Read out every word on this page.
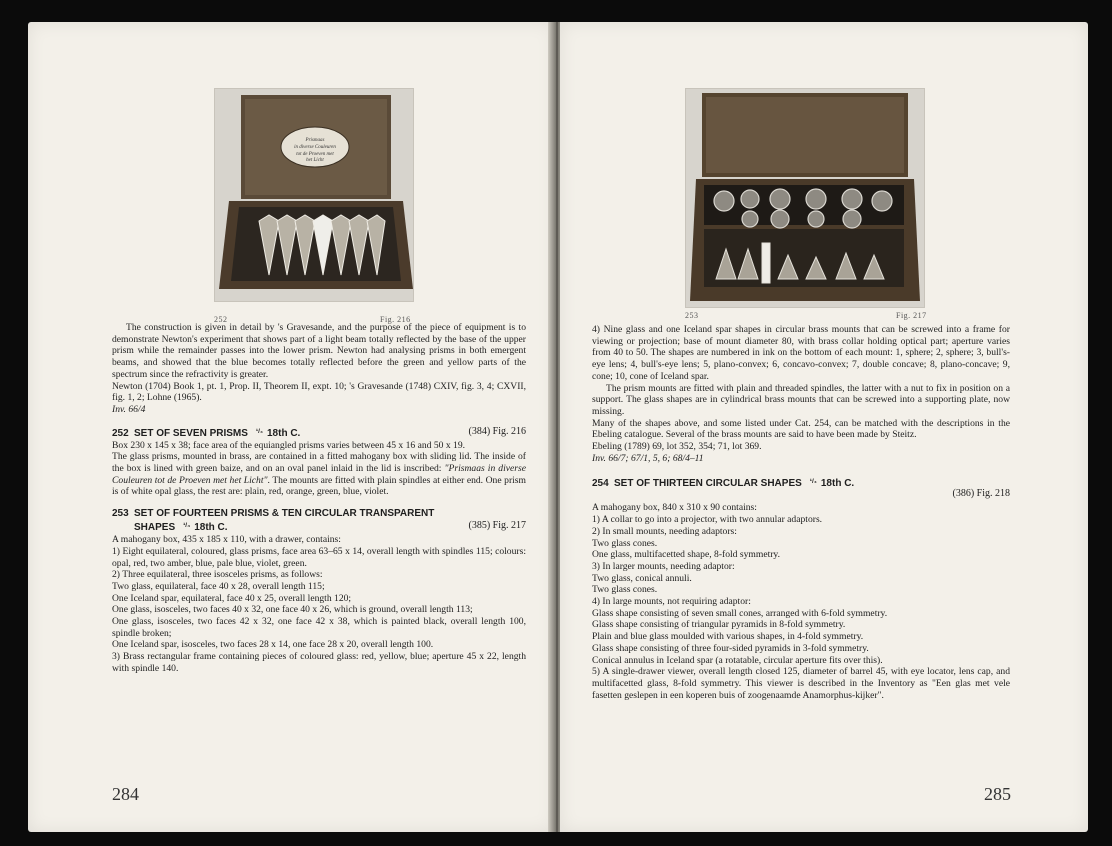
Prismaas
in diverse Couleuren
tot de Proeven met
het Licht
252	Fig. 216

The construction is given in detail by 's Gravesande, and the purpose of the piece of equipment is to demonstrate Newton's experiment that shows part of a light beam totally reflected by the base of the upper prism while the remainder passes into the lower prism. Newton had analysing prisms in both emergent beams, and showed that the blue becomes totally reflected before the green and yellow parts of the spectrum since the refractivity is greater.

Newton (1704) Book 1, pt. 1, Prop. II, Theorem II, expt. 10; 's Gravesande (1748) CXIV, fig. 3, 4; CXVII, fig. 1, 2; Lohne (1965).

Inv. 66/4

252 SET OF SEVEN PRISMS $^{^1/_4}$ 18th C.	(384) Fig. 216

Box 230 x 145 x 38; face area of the equiangled prisms varies between 45 x 16 and 50 x 19.

The glass prisms, mounted in brass, are contained in a fitted mahogany box with sliding lid. The inside of the box is lined with green baize, and on an oval panel inlaid in the lid is inscribed: "Prismaas in diverse Couleuren tot de Proeven met het Licht". The mounts are fitted with plain spindles at either end. One prism is of white opal glass, the rest are: plain, red, orange, green, blue, violet.

253 SET OF FOURTEEN PRISMS & TEN CIRCULAR TRANSPARENT
SHAPES $^{^1/_4}$ 18th C.	(385) Fig. 217

A mahogany box, 435 x 185 x 110, with a drawer, contains:

1) Eight equilateral, coloured, glass prisms, face area 63–65 x 14, overall length with spindles 115; colours: opal, red, two amber, blue, pale blue, violet, green.

2) Three equilateral, three isosceles prisms, as follows:

Two glass, equilateral, face 40 x 28, overall length 115;

One Iceland spar, equilateral, face 40 x 25, overall length 120;

One glass, isosceles, two faces 40 x 32, one face 40 x 26, which is ground, overall length 113;

One glass, isosceles, two faces 42 x 32, one face 42 x 38, which is painted black, overall length 100, spindle broken;

One Iceland spar, isosceles, two faces 28 x 14, one face 28 x 20, overall length 100.

3) Brass rectangular frame containing pieces of coloured glass: red, yellow, blue; aperture 45 x 22, length with spindle 140.

284
253	Fig. 217

4) Nine glass and one Iceland spar shapes in circular brass mounts that can be screwed into a frame for viewing or projection; base of mount diameter 80, with brass collar holding optical part; aperture varies from 40 to 50. The shapes are numbered in ink on the bottom of each mount: 1, sphere; 2, sphere; 3, bull's-eye lens; 4, bull's-eye lens; 5, plano-convex; 6, concavo-convex; 7, double concave; 8, plano-concave; 9, cone; 10, cone of Iceland spar.

The prism mounts are fitted with plain and threaded spindles, the latter with a nut to fix in position on a support. The glass shapes are in cylindrical brass mounts that can be screwed into a supporting plate, now missing.

Many of the shapes above, and some listed under Cat. 254, can be matched with the descriptions in the Ebeling catalogue. Several of the brass mounts are said to have been made by Steitz.

Ebeling (1789) 69, lot 352, 354; 71, lot 369.

Inv. 66/7; 67/1, 5, 6; 68/4–11

254 SET OF THIRTEEN CIRCULAR SHAPES $^{^1/_4}$ 18th C.
(386) Fig. 218

A mahogany box, 840 x 310 x 90 contains:

1) A collar to go into a projector, with two annular adaptors.

2) In small mounts, needing adaptors:

Two glass cones.

One glass, multifacetted shape, 8-fold symmetry.

3) In larger mounts, needing adaptor:

Two glass, conical annuli.

Two glass cones.

4) In large mounts, not requiring adaptor:

Glass shape consisting of seven small cones, arranged with 6-fold symmetry.

Glass shape consisting of triangular pyramids in 8-fold symmetry.

Plain and blue glass moulded with various shapes, in 4-fold symmetry.

Glass shape consisting of three four-sided pyramids in 3-fold symmetry.

Conical annulus in Iceland spar (a rotatable, circular aperture fits over this).

5) A single-drawer viewer, overall length closed 125, diameter of barrel 45, with eye locator, lens cap, and multifacetted glass, 8-fold symmetry. This viewer is described in the Inventory as "Een glas met vele fasetten geslepen in een koperen buis of zoogenaamde Anamorphus-kijker".

285
